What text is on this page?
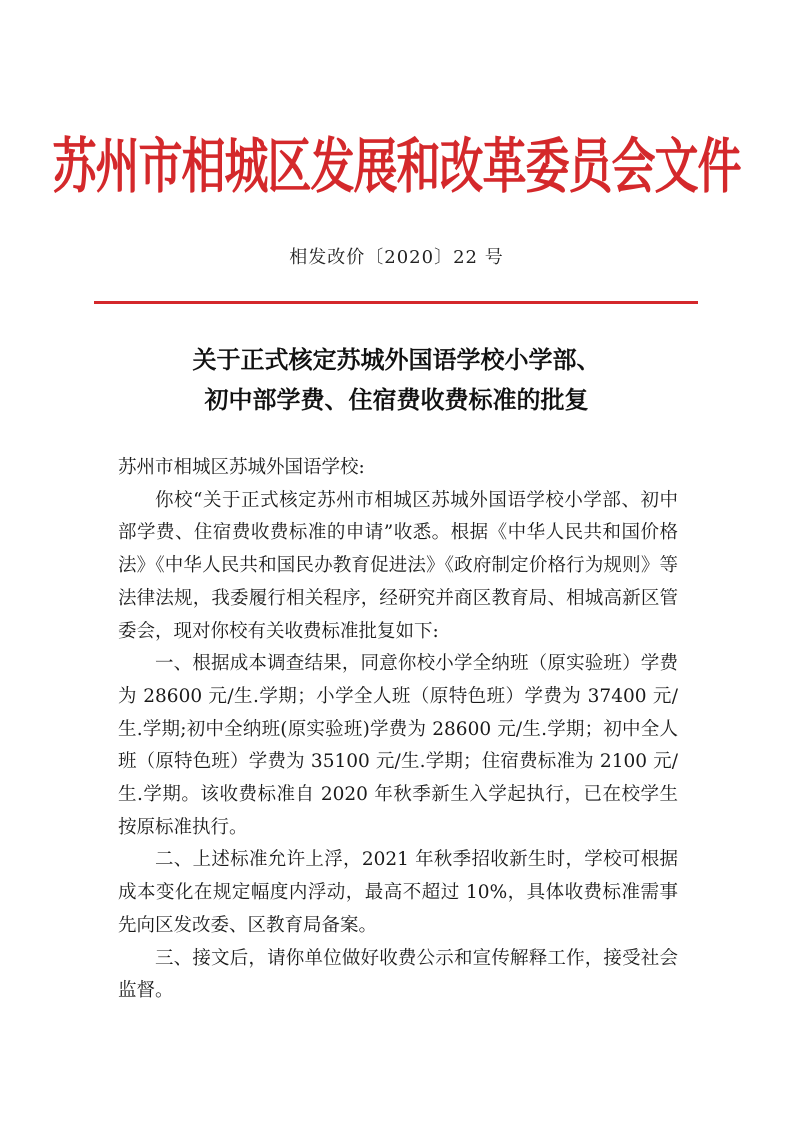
苏州市相城区发展和改革委员会文件
相发改价〔2020〕22 号
关于正式核定苏城外国语学校小学部、
初中部学费、住宿费收费标准的批复

苏州市相城区苏城外国语学校:

你校“关于正式核定苏州市相城区苏城外国语学校小学部、初中部学费、住宿费收费标准的申请”收悉。根据《中华人民共和国价格法》《中华人民共和国民办教育促进法》《政府制定价格行为规则》等法律法规，我委履行相关程序，经研究并商区教育局、相城高新区管委会，现对你校有关收费标准批复如下:

一、根据成本调查结果，同意你校小学全纳班（原实验班）学费为 28600 元/生.学期；小学全人班（原特色班）学费为 37400 元/生.学期;初中全纳班(原实验班)学费为 28600 元/生.学期；初中全人班（原特色班）学费为 35100 元/生.学期；住宿费标准为 2100 元/生.学期。该收费标准自 2020 年秋季新生入学起执行，已在校学生按原标准执行。

二、上述标准允许上浮，2021 年秋季招收新生时，学校可根据成本变化在规定幅度内浮动，最高不超过 10%，具体收费标准需事先向区发改委、区教育局备案。

三、接文后，请你单位做好收费公示和宣传解释工作，接受社会监督。
